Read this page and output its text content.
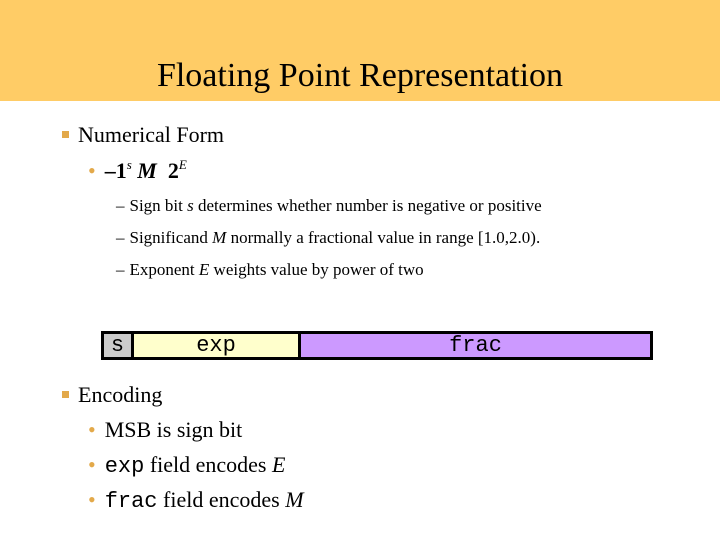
Floating Point Representation
Numerical Form
• –1$^s$ M $2^E$
– Sign bit s determines whether number is negative or positive
– Significand M normally a fractional value in range [1.0,2.0).
– Exponent E weights value by power of two
s	exp	frac
Encoding
• MSB is sign bit
• exp field encodes E
• frac field encodes M
